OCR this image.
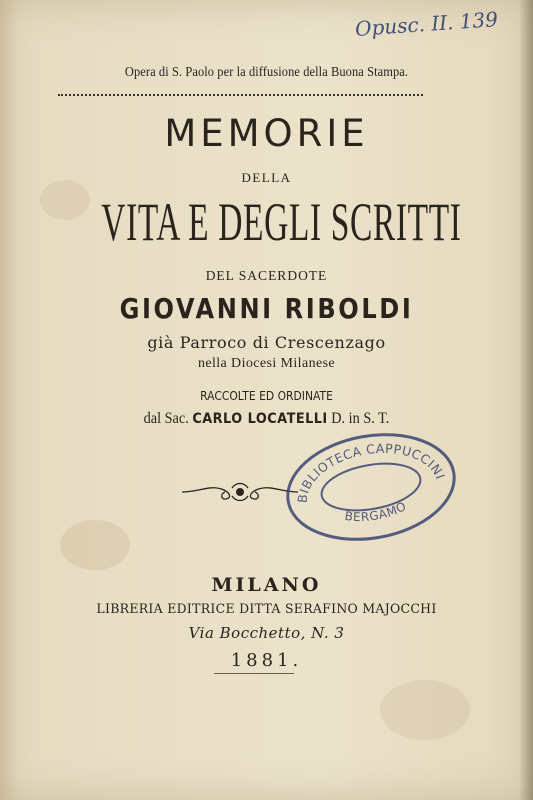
Opusc. II. 139
Opera di S. Paolo per la diffusione della Buona Stampa.
MEMORIE
DELLA
VITA E DEGLI SCRITTI
DEL SACERDOTE
GIOVANNI RIBOLDI
già Parroco di Crescenzago
nella Diocesi Milanese
RACCOLTE ED ORDINATE
dal Sac. CARLO LOCATELLI D. in S. T.
BIBLIOTECA CAPPUCCINI
BERGAMO
MILANO
LIBRERIA EDITRICE DITTA SERAFINO MAJOCCHI
Via Bocchetto, N. 3
1881.
